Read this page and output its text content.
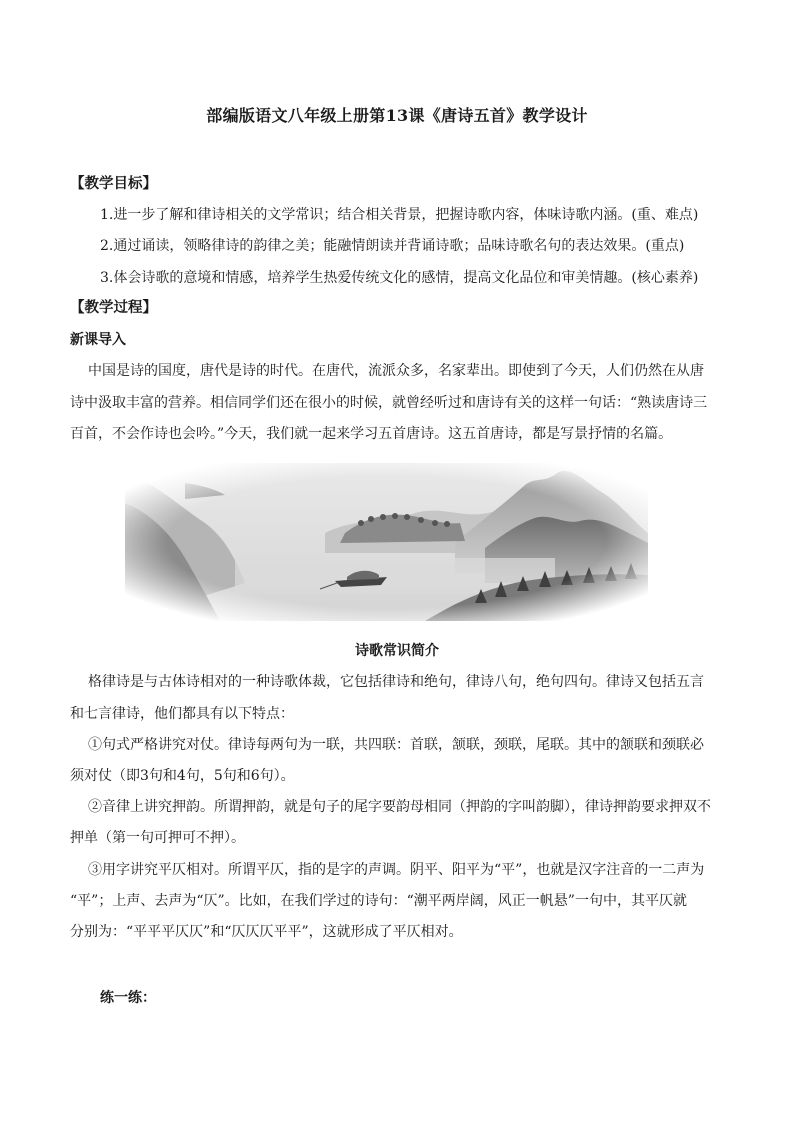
部编版语文八年级上册第13课《唐诗五首》教学设计
【教学目标】
1.进一步了解和律诗相关的文学常识；结合相关背景，把握诗歌内容，体味诗歌内涵。(重、难点)
2.通过诵读，领略律诗的韵律之美；能融情朗读并背诵诗歌；品味诗歌名句的表达效果。(重点)
3.体会诗歌的意境和情感，培养学生热爱传统文化的感情，提高文化品位和审美情趣。(核心素养)
【教学过程】
新课导入
中国是诗的国度，唐代是诗的时代。在唐代，流派众多，名家辈出。即使到了今天，人们仍然在从唐
诗中汲取丰富的营养。相信同学们还在很小的时候，就曾经听过和唐诗有关的这样一句话：“熟读唐诗三
百首，不会作诗也会吟。”今天，我们就一起来学习五首唐诗。这五首唐诗，都是写景抒情的名篇。
诗歌常识简介
格律诗是与古体诗相对的一种诗歌体裁，它包括律诗和绝句，律诗八句，绝句四句。律诗又包括五言
和七言律诗，他们都具有以下特点：
①句式严格讲究对仗。律诗每两句为一联，共四联：首联，颔联，颈联，尾联。其中的颔联和颈联必
须对仗（即3句和4句，5句和6句）。
②音律上讲究押韵。所谓押韵，就是句子的尾字要韵母相同（押韵的字叫韵脚），律诗押韵要求押双不
押单（第一句可押可不押）。
③用字讲究平仄相对。所谓平仄，指的是字的声调。阴平、阳平为“平”，也就是汉字注音的一二声为
“平”；上声、去声为“仄”。比如，在我们学过的诗句：“潮平两岸阔，风正一帆悬”一句中，其平仄就
分别为：“平平平仄仄”和“仄仄仄平平”，这就形成了平仄相对。
练一练：
